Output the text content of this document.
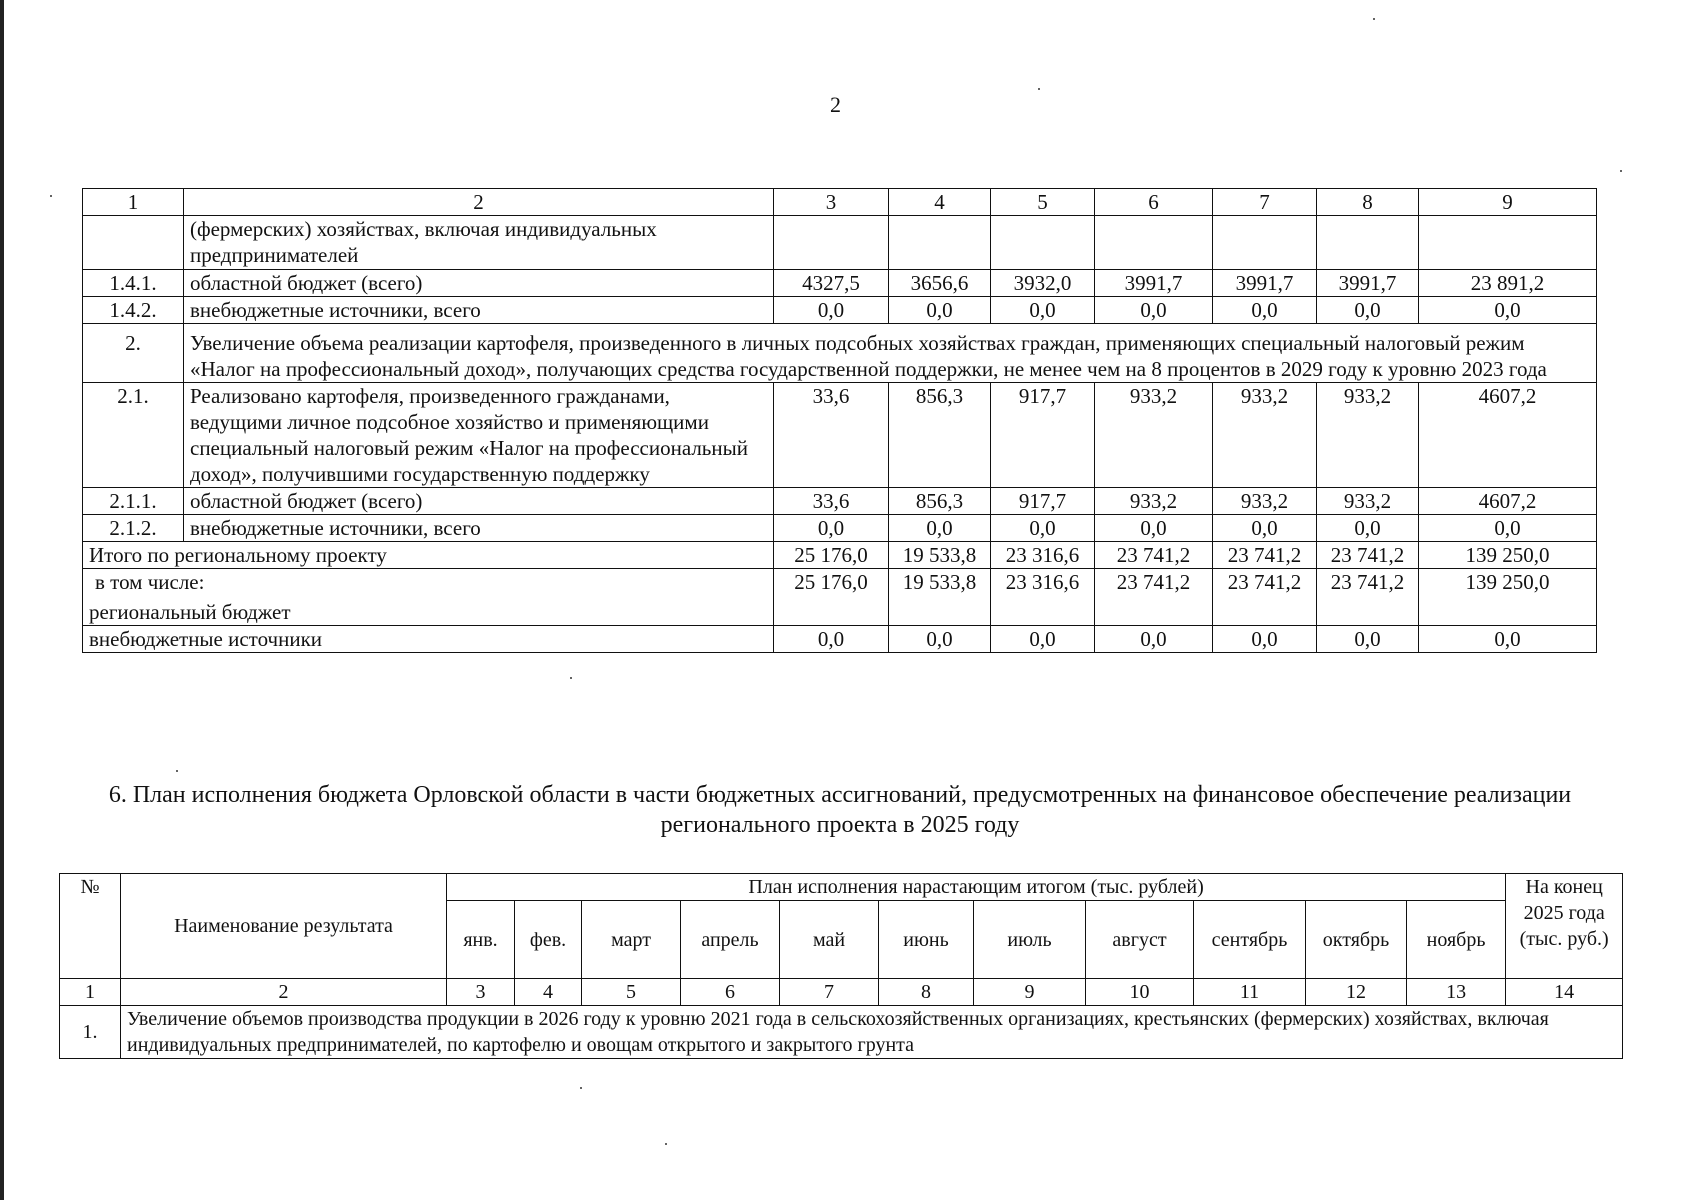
2
1	2	3	4	5	6	7	8	9
	(фермерских) хозяйствах, включая индивидуальных предпринимателей							
1.4.1.	областной бюджет (всего)	4327,5	3656,6	3932,0	3991,7	3991,7	3991,7	23 891,2
1.4.2.	внебюджетные источники, всего	0,0	0,0	0,0	0,0	0,0	0,0	0,0
2.	Увеличение объема реализации картофеля, произведенного в личных подсобных хозяйствах граждан, применяющих специальный налоговый режим «Налог на профессиональный доход», получающих средства государственной поддержки, не менее чем на 8 процентов в 2029 году к уровню 2023 года							
2.1.	Реализовано картофеля, произведенного гражданами, ведущими личное подсобное хозяйство и применяющими специальный налоговый режим «Налог на профессиональный доход», получившими государственную поддержку	33,6	856,3	917,7	933,2	933,2	933,2	4607,2
2.1.1.	областной бюджет (всего)	33,6	856,3	917,7	933,2	933,2	933,2	4607,2
2.1.2.	внебюджетные источники, всего	0,0	0,0	0,0	0,0	0,0	0,0	0,0
Итого по региональному проекту		25 176,0	19 533,8	23 316,6	23 741,2	23 741,2	23 741,2	139 250,0

в том числе:
региональный бюджет		25 176,0	19 533,8	23 316,6	23 741,2	23 741,2	23 741,2	139 250,0
внебюджетные источники		0,0	0,0	0,0	0,0	0,0	0,0	0,0
6. План исполнения бюджета Орловской области в части бюджетных ассигнований, предусмотренных на финансовое обеспечение реализации регионального проекта в 2025 году
№	Наименование результата	План исполнения нарастающим итогом (тыс. рублей)											На конец 2025 года (тыс. руб.)
		янв.	фев.	март	апрель	май	июнь	июль	август	сентябрь	октябрь	ноябрь	
1	2	3	4	5	6	7	8	9	10	11	12	13	14
1.	Увеличение объемов производства продукции в 2026 году к уровню 2021 года в сельскохозяйственных организациях, крестьянских (фермерских) хозяйствах, включая индивидуальных предпринимателей, по картофелю и овощам открытого и закрытого грунта												
